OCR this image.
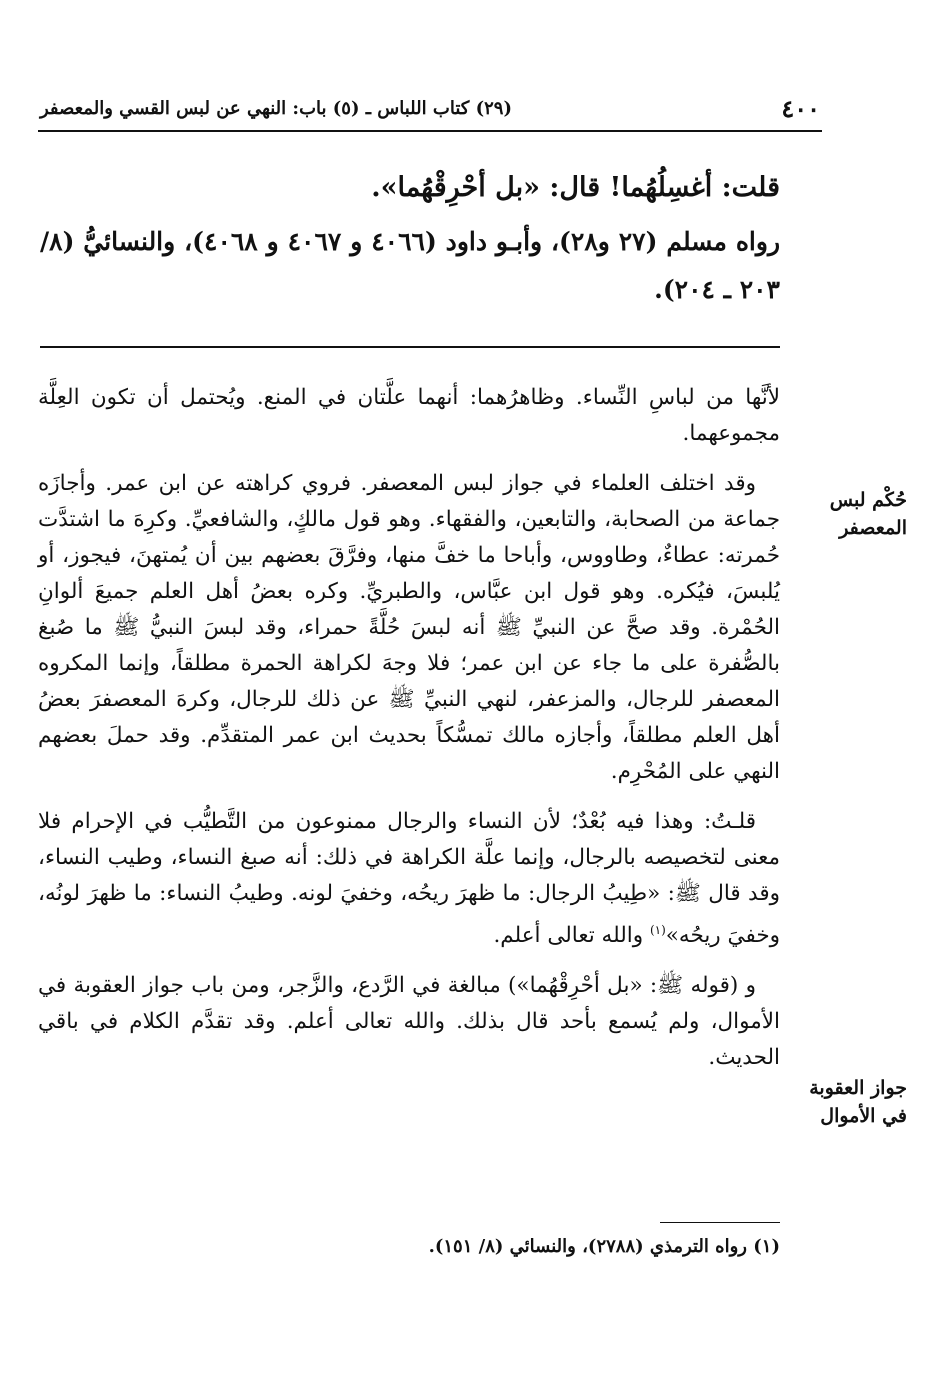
٤٠٠
(٢٩) كتاب اللباس ـ (٥) باب: النهي عن لبس القسي والمعصفر

قلت: أغسِلُهُما! قال: «بل أحْرِقْهُما».

رواه مسلم (٢٧ و٢٨)، وأبـو داود (٤٠٦٦ و ٤٠٦٧ و ٤٠٦٨)، والنسائيُّ (٨/ ٢٠٣ ـ ٢٠٤).

لأنَّها من لباسِ النِّساء. وظاهرُهما: أنهما علَّتان في المنع. ويُحتمل أن تكون العِلَّة مجموعهما.

وقد اختلف العلماء في جواز لبس المعصفر. فروي كراهته عن ابن عمر. وأجازَه جماعة من الصحابة، والتابعين، والفقهاء. وهو قول مالكٍ، والشافعيِّ. وكرِهَ ما اشتدَّت حُمرته: عطاءٌ، وطاووس، وأباحا ما خفَّ منها، وفرَّقَ بعضهم بين أن يُمتهنَ، فيجوز، أو يُلبسَ، فيُكره. وهو قول ابن عبَّاس، والطبريِّ. وكره بعضُ أهل العلم جميعَ ألوانِ الحُمْرة. وقد صحَّ عن النبيِّ ﷺ أنه لبسَ حُلَّةً حمراء، وقد لبسَ النبيُّ ﷺ ما صُبغ بالصُّفرة على ما جاء عن ابن عمر؛ فلا وجهَ لكراهة الحمرة مطلقاً، وإنما المكروه المعصفر للرجال، والمزعفر، لنهي النبيِّ ﷺ عن ذلك للرجال، وكرهَ المعصفرَ بعضُ أهل العلم مطلقاً، وأجازه مالك تمسُّكاً بحديث ابن عمر المتقدِّم. وقد حملَ بعضهم النهي على المُحْرِم.

قلـتُ: وهذا فيه بُعْدٌ؛ لأن النساء والرجال ممنوعون من التَّطيُّب في الإحرام فلا معنى لتخصيصه بالرجال، وإنما علَّة الكراهة في ذلك: أنه صبغ النساء، وطيب النساء، وقد قال ﷺ: «طِيبُ الرجال: ما ظهرَ ريحُه، وخفيَ لونه. وطيبُ النساء: ما ظهرَ لونُه، وخفيَ ريحُه»$^{(١)}$ والله تعالى أعلم.

و (قوله ﷺ: «بل أحْرِقْهُما») مبالغة في الرَّدع، والزَّجر، ومن باب جواز العقوبة في الأموال، ولم يُسمع بأحد قال بذلك. والله تعالى أعلم. وقد تقدَّم الكلام في باقي الحديث.

حُكْم لبس المعصفر
جواز العقوبة في الأموال
(١) رواه الترمذي (٢٧٨٨)، والنسائي (٨/ ١٥١).
